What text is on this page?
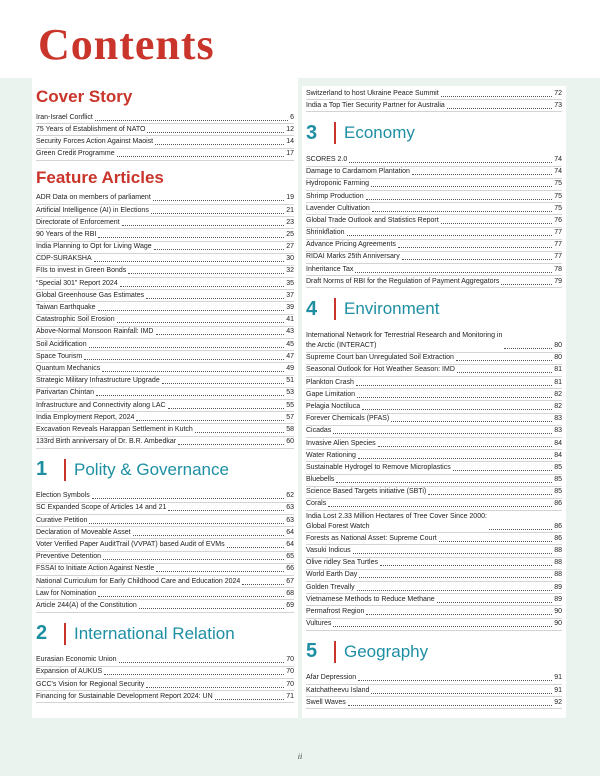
Contents
Cover Story
Iran-Israel Conflict	6
75 Years of Establishment of NATO	12
Security Forces Action Against Maoist	14
Green Credit Programme	17
Feature Articles
ADR Data on members of parliament	19
Artificial Intelligence (AI) in Elections	21
Directorate of Enforcement	23
90 Years of the RBI	25
India Planning to Opt for Living Wage	27
CDP-SURAKSHA	30
FIIs to invest in Green Bonds	32
“Special 301” Report 2024	35
Global Greenhouse Gas Estimates	37
Taiwan Earthquake	39
Catastrophic Soil Erosion	41
Above-Normal Monsoon Rainfall: IMD	43
Soil Acidification	45
Space Tourism	47
Quantum Mechanics	49
Strategic Military Infrastructure Upgrade	51
Parivartan Chintan	53
Infrastructure and Connectivity along LAC	55
India Employment Report, 2024	57
Excavation Reveals Harappan Settlement in Kutch	58
133rd Birth anniversary of Dr. B.R. Ambedkar	60
1	Polity & Governance
Election Symbols	62
SC Expanded Scope of Articles 14 and 21	63
Curative Petition	63
Declaration of Moveable Asset	64
Voter Verified Paper AuditTrail (VVPAT) based Audit of EVMs	64
Preventive Detention	65
FSSAI to Initiate Action Against Nestle	66
National Curriculum for Early Childhood Care and Education 2024	67
Law for Nomination	68
Article 244(A) of the Constitution	69
2	International Relation
Eurasian Economic Union	70
Expansion of AUKUS	70
GCC's Vision for Regional Security	70
Financing for Sustainable Development Report 2024: UN	71
Switzerland to host Ukraine Peace Summit	72
India a Top Tier Security Partner for Australia	73
3	Economy
SCORES 2.0	74
Damage to Cardamom Plantation	74
Hydroponic Farming	75
Shrimp Production	75
Lavender Cultivation	75
Global Trade Outlook and Statistics Report	76
Shrinkflation	77
Advance Pricing Agreements	77
RIDAI Marks 25th Anniversary	77
Inheritance Tax	78
Draft Norms of RBI for the Regulation of Payment Aggregators	79
4	Environment
International Network for Terrestrial Research and Monitoring in
the Arctic (INTERACT)	80
Supreme Court ban Unregulated Soil Extraction	80
Seasonal Outlook for Hot Weather Season: IMD	81
Plankton Crash	81
Gape Limitation	82
Pelagia Noctiluca	82
Forever Chemicals (PFAS)	83
Cicadas	83
Invasive Alien Species	84
Water Rationing	84
Sustainable Hydrogel to Remove Microplastics	85
Bluebells	85
Science Based Targets initiative (SBTi)	85
Corals	86
India Lost 2.33 Million Hectares of Tree Cover Since 2000:
Global Forest Watch	86
Forests as National Asset: Supreme Court	86
Vasuki Indicus	88
Olive ridley Sea Turtles	88
World Earth Day	88
Golden Trevally	89
Vietnamese Methods to Reduce Methane	89
Permafrost Region	90
Vultures	90
5	Geography
Afar Depression	91
Katchatheevu Island	91
Swell Waves	92
ii
